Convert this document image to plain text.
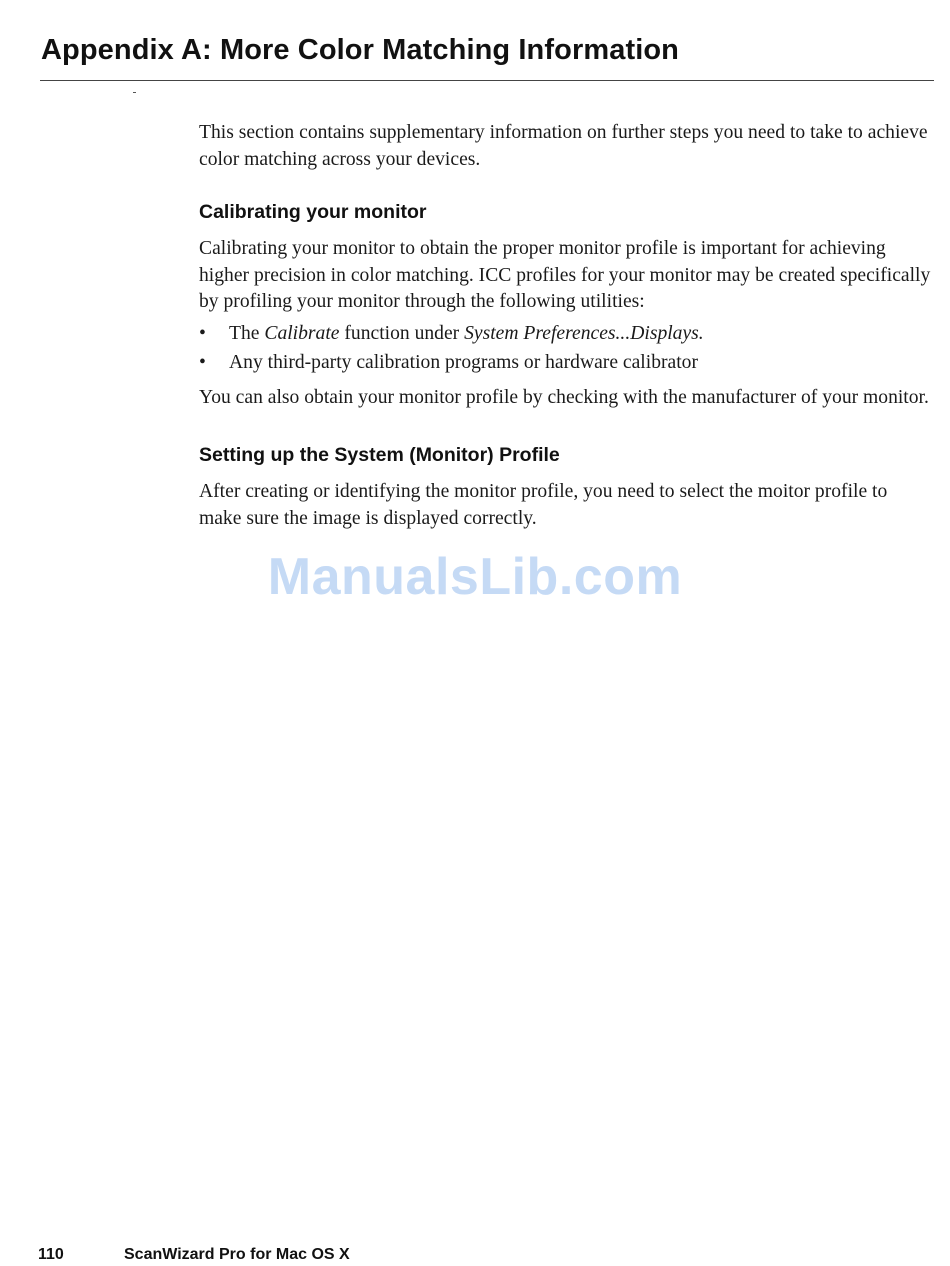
Appendix A: More Color Matching Information

This section contains supplementary information on further steps you need to take to achieve color matching across your devices.

Calibrating your monitor

Calibrating your monitor to obtain the proper monitor profile is important for achieving higher precision in color matching. ICC profiles for your monitor may be created specifically by profiling your monitor through the following utilities:

• The Calibrate function under System Preferences...Displays.
• Any third-party calibration programs or hardware calibrator

You can also obtain your monitor profile by checking with the manufacturer of your monitor.

Setting up the System (Monitor) Profile

After creating or identifying the monitor profile, you need to select the moitor profile to make sure the image is displayed correctly.

ManualsLib.com
110	ScanWizard Pro for Mac OS X
